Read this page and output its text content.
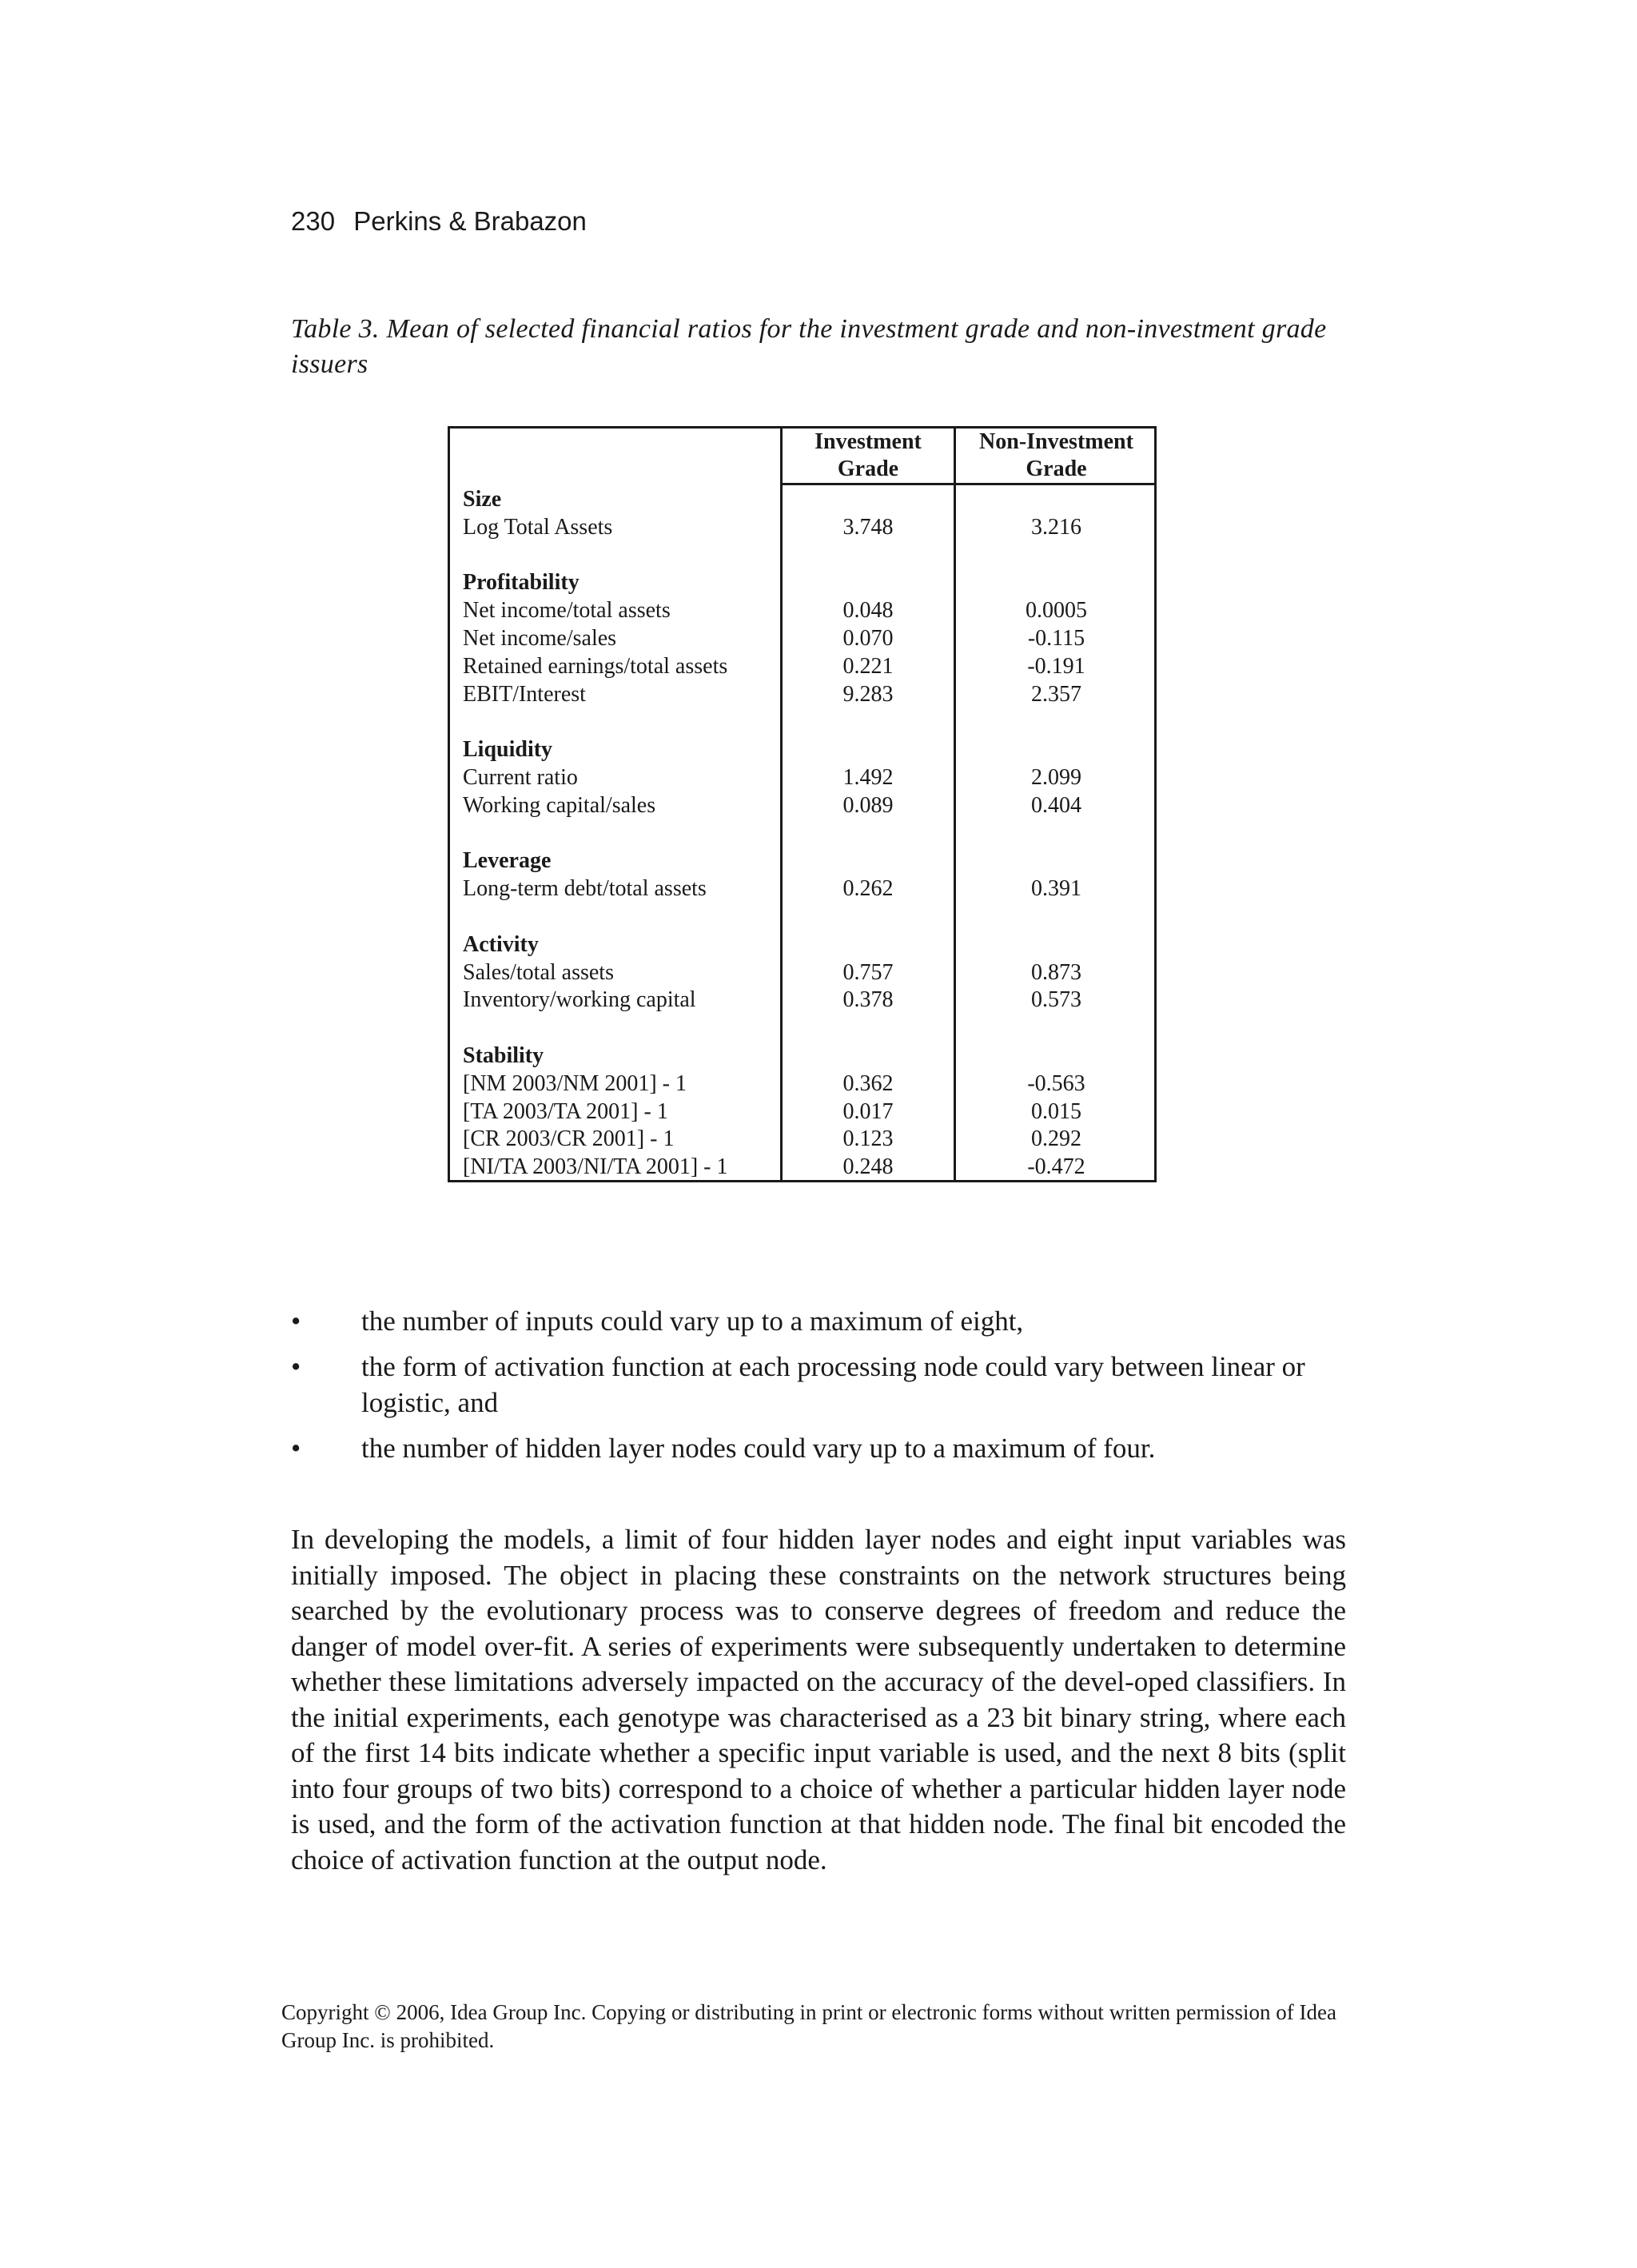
230 Perkins & Brabazon
Table 3. Mean of selected financial ratios for the investment grade and non-investment grade issuers
Investment Grade
Non-Investment Grade
Size
Log Total Assets	3.748	3.216
Profitability
Net income/total assets	0.048	0.0005
Net income/sales	0.070	-0.115
Retained earnings/total assets	0.221	-0.191
EBIT/Interest	9.283	2.357
Liquidity
Current ratio	1.492	2.099
Working capital/sales	0.089	0.404
Leverage
Long-term debt/total assets	0.262	0.391
Activity
Sales/total assets	0.757	0.873
Inventory/working capital	0.378	0.573
Stability
[NM 2003/NM 2001] - 1	0.362	-0.563
[TA 2003/TA 2001] - 1	0.017	0.015
[CR 2003/CR 2001] - 1	0.123	0.292
[NI/TA 2003/NI/TA 2001] - 1	0.248	-0.472
• the number of inputs could vary up to a maximum of eight,
• the form of activation function at each processing node could vary between linear or logistic, and
• the number of hidden layer nodes could vary up to a maximum of four.
In developing the models, a limit of four hidden layer nodes and eight input variables was initially imposed. The object in placing these constraints on the network structures being searched by the evolutionary process was to conserve degrees of freedom and reduce the danger of model over-fit. A series of experiments were subsequently undertaken to determine whether these limitations adversely impacted on the accuracy of the devel-oped classifiers. In the initial experiments, each genotype was characterised as a 23 bit binary string, where each of the first 14 bits indicate whether a specific input variable is used, and the next 8 bits (split into four groups of two bits) correspond to a choice of whether a particular hidden layer node is used, and the form of the activation function at that hidden node. The final bit encoded the choice of activation function at the output node.
Copyright © 2006, Idea Group Inc. Copying or distributing in print or electronic forms without written permission of Idea Group Inc. is prohibited.
